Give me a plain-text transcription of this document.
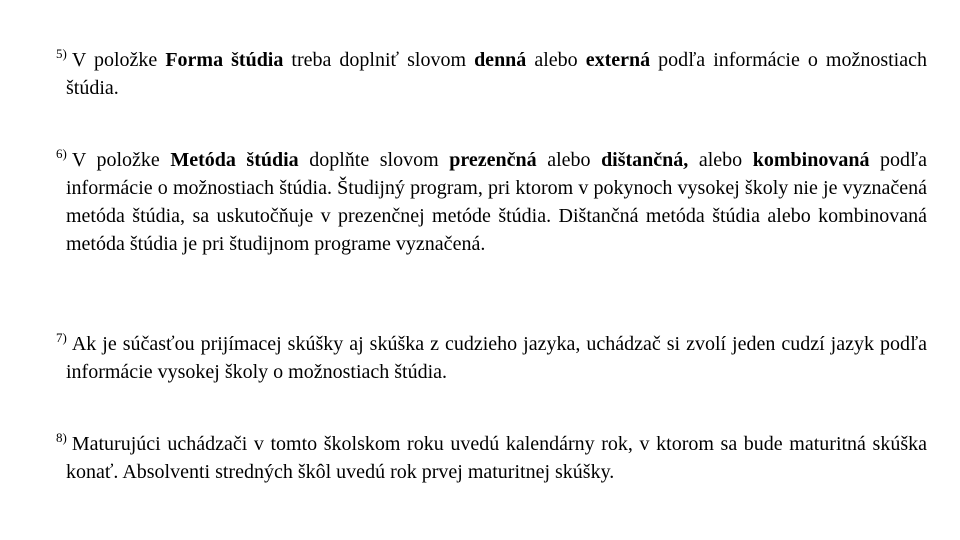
$^{5)}$ V položke Forma štúdia treba doplniť slovom denná alebo externá podľa informácie o možnostiach štúdia.
$^{6)}$ V položke Metóda štúdia doplňte slovom prezenčná alebo dištančná, alebo kombinovaná podľa informácie o možnostiach štúdia. Študijný program, pri ktorom v pokynoch vysokej školy nie je vyznačená metóda štúdia, sa uskutočňuje v prezenčnej metóde štúdia. Dištančná metóda štúdia alebo kombinovaná metóda štúdia je pri študijnom programe vyznačená.
$^{7)}$ Ak je súčasťou prijímacej skúšky aj skúška z cudzieho jazyka, uchádzač si zvolí jeden cudzí jazyk podľa informácie vysokej školy o možnostiach štúdia.
$^{8)}$ Maturujúci uchádzači v tomto školskom roku uvedú kalendárny rok, v ktorom sa bude maturitná skúška konať. Absolventi stredných škôl uvedú rok prvej maturitnej skúšky.
